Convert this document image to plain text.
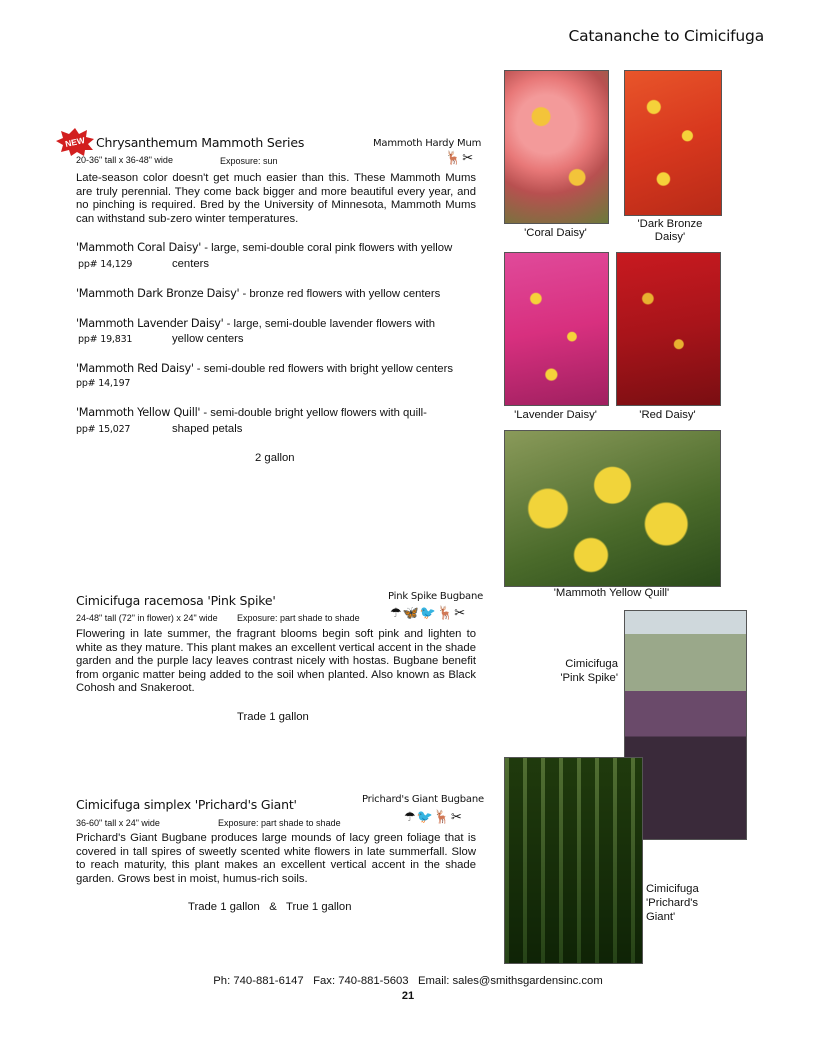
Catananche to Cimicifuga
NEW Chrysanthemum Mammoth Series	Mammoth Hardy Mum
20-36" tall x 36-48" wide	Exposure: sun	🦌✂
Late-season color doesn't get much easier than this. These Mammoth Mums are truly perennial. They come back bigger and more beautiful every year, and no pinching is required. Bred by the University of Minnesota, Mammoth Mums can withstand sub-zero winter temperatures.
'Mammoth Coral Daisy' - large, semi-double coral pink flowers with yellow
pp# 14,129	centers
'Mammoth Dark Bronze Daisy' - bronze red flowers with yellow centers
'Mammoth Lavender Daisy' - large, semi-double lavender flowers with
pp# 19,831	yellow centers
'Mammoth Red Daisy' - semi-double red flowers with bright yellow centers
pp# 14,197
'Mammoth Yellow Quill' - semi-double bright yellow flowers with quill-
pp# 15,027	shaped petals
2 gallon
Cimicifuga racemosa 'Pink Spike'	Pink Spike Bugbane
24-48" tall (72" in flower) x 24" wide Exposure: part shade to shade ☂🦋🐦🦌✂
Flowering in late summer, the fragrant blooms begin soft pink and lighten to white as they mature. This plant makes an excellent vertical accent in the shade garden and the purple lacy leaves contrast nicely with hostas. Bugbane benefit from organic matter being added to the soil when planted. Also known as Black Cohosh and Snakeroot.
Trade 1 gallon
Cimicifuga simplex 'Prichard's Giant'	Prichard's Giant Bugbane
36-60" tall x 24" wide	Exposure: part shade to shade	☂🐦🦌✂
Prichard's Giant Bugbane produces large mounds of lacy green foliage that is covered in tall spires of sweetly scented white flowers in late summerfall. Slow to reach maturity, this plant makes an excellent vertical accent in the shade garden. Grows best in moist, humus-rich soils.
Trade 1 gallon   &   True 1 gallon
'Coral Daisy'
'Dark Bronze Daisy'
'Lavender Daisy'	'Red Daisy'
'Mammoth Yellow Quill'
Cimicifuga 'Pink Spike'
Cimicifuga 'Prichard's Giant'
Ph: 740-881-6147   Fax: 740-881-5603   Email: sales@smithsgardensinc.com
21
